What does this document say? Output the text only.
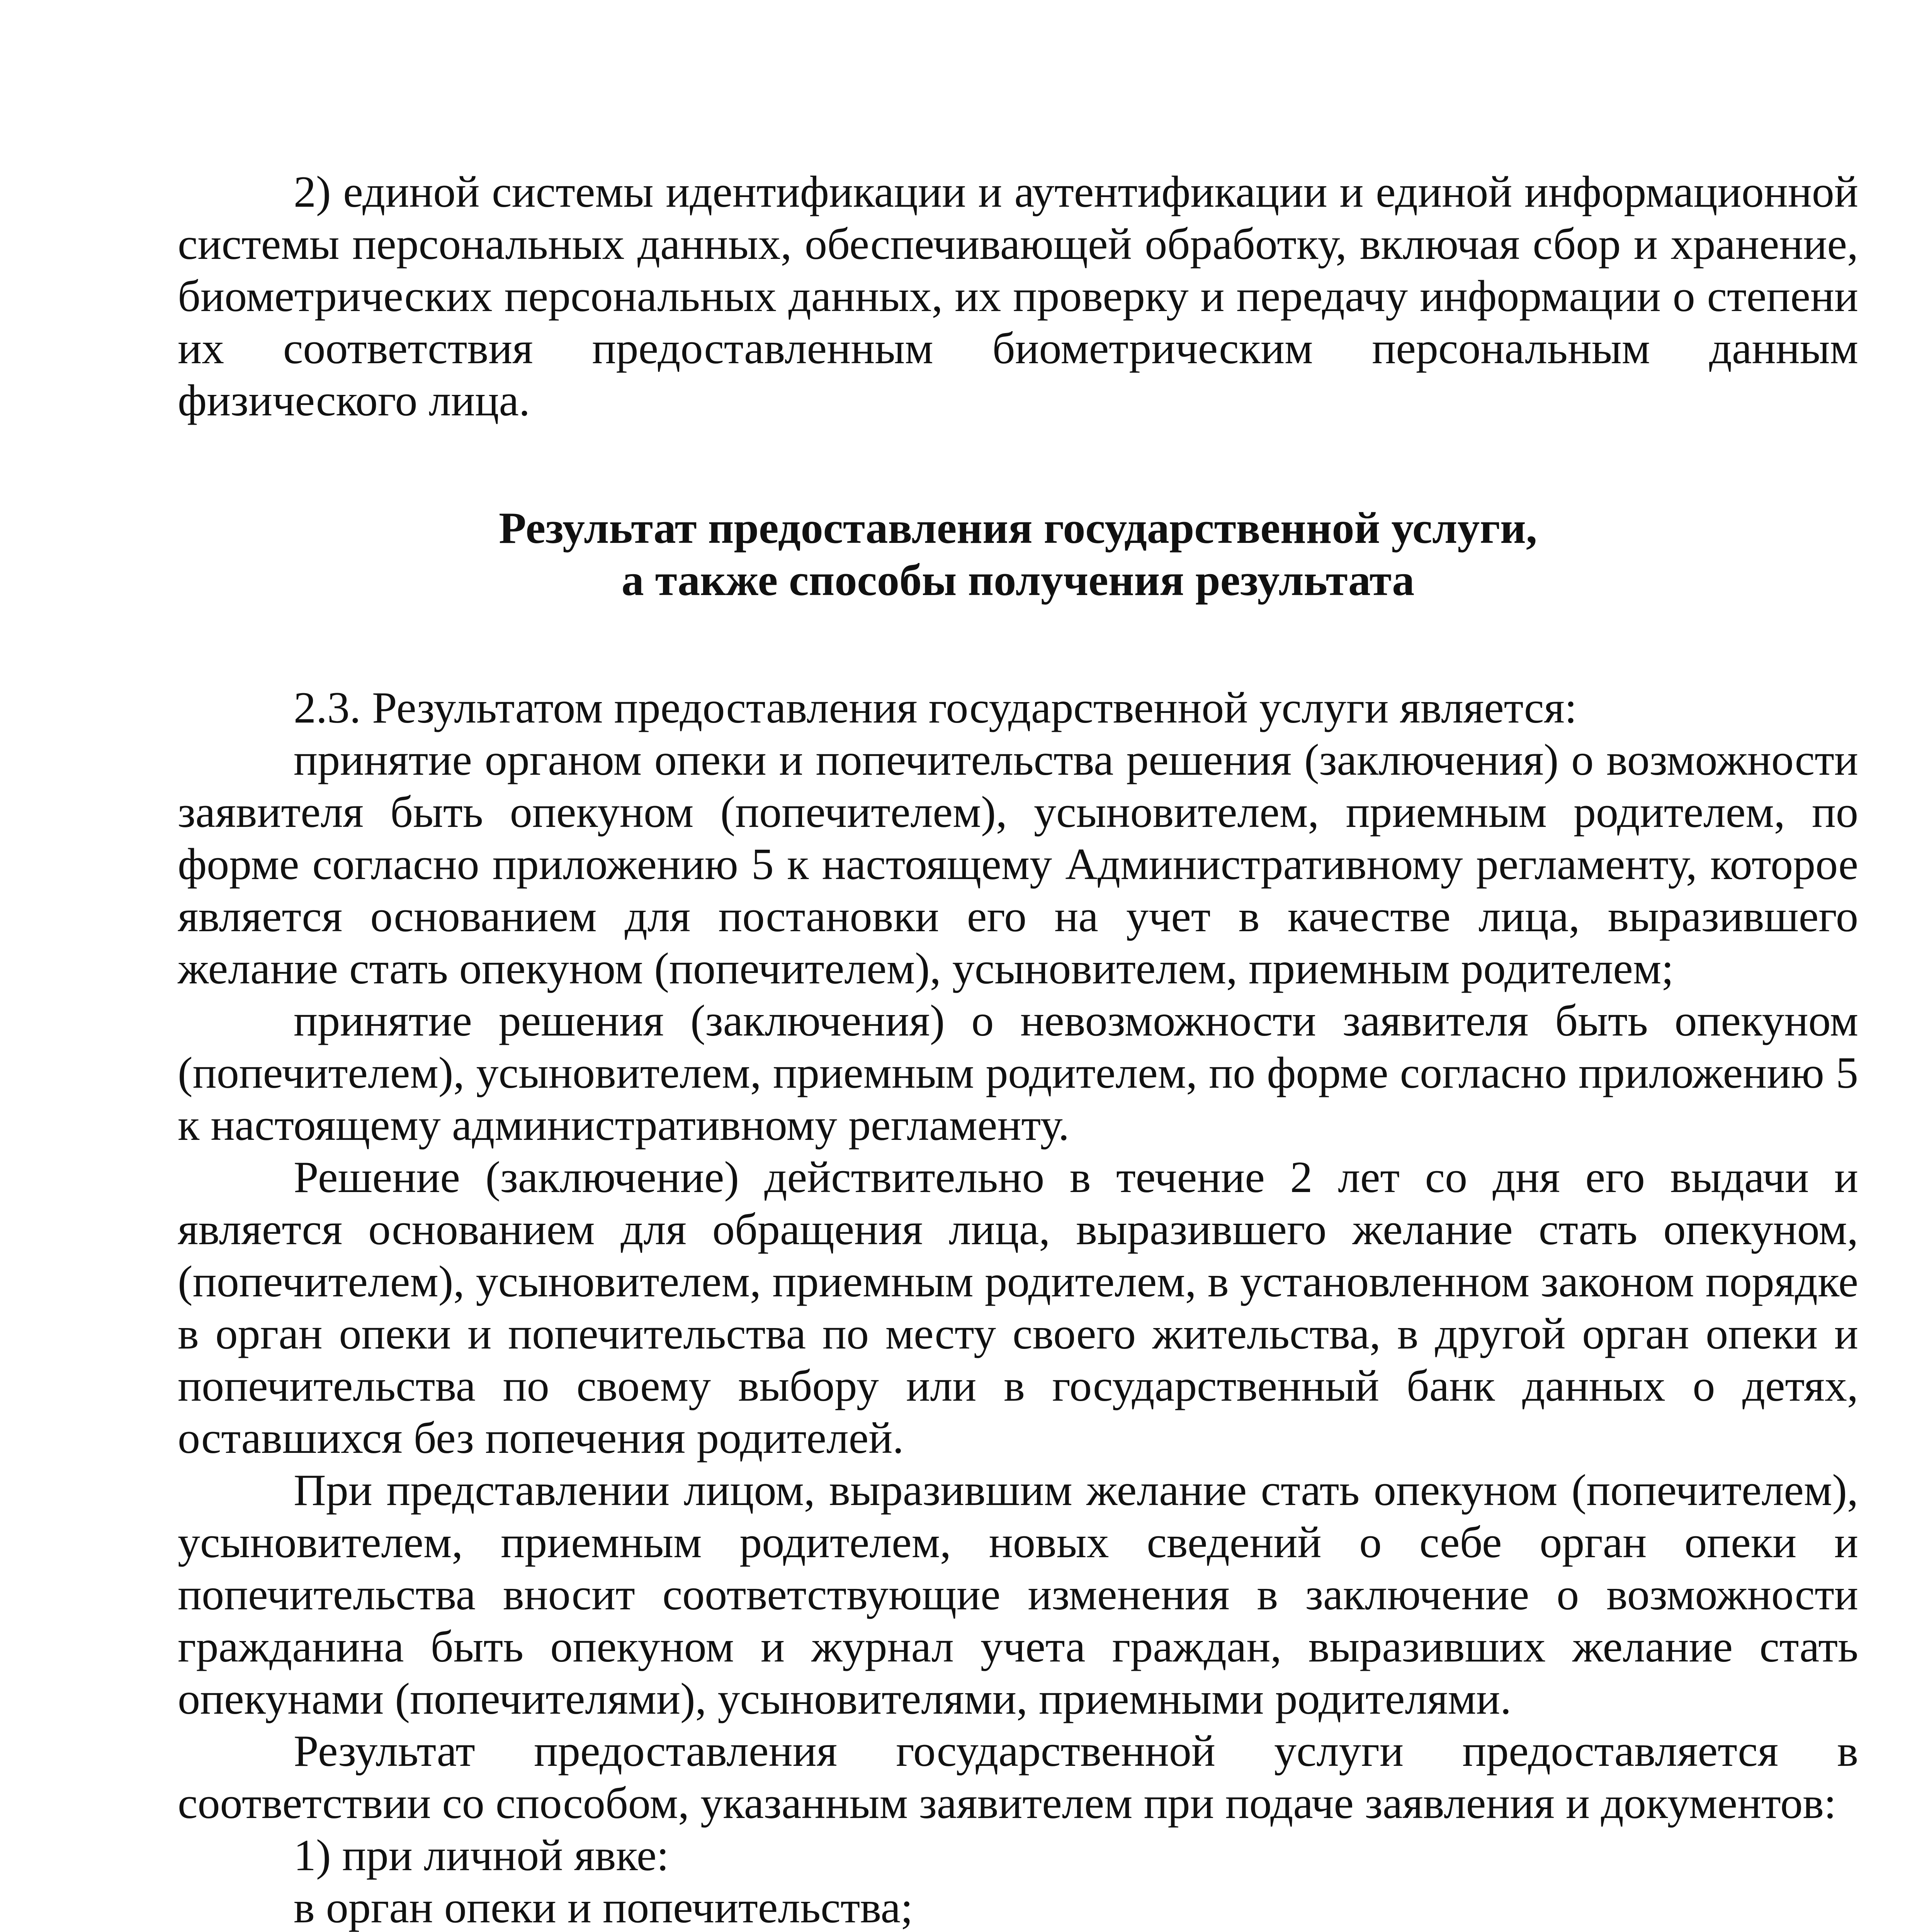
2) единой системы идентификации и аутентификации и единой информационной системы персональных данных, обеспечивающей обработку, включая сбор и хранение, биометрических персональных данных, их проверку и передачу информации о степени их соответствия предоставленным биометрическим персональным данным физического лица.

Результат предоставления государственной услуги,
а также способы получения результата

2.3. Результатом предоставления государственной услуги является:

принятие органом опеки и попечительства решения (заключения) о возможности заявителя быть опекуном (попечителем), усыновителем, приемным родителем, по форме согласно приложению 5 к настоящему Административному регламенту, которое является основанием для постановки его на учет в качестве лица, выразившего желание стать опекуном (попечителем), усыновителем, приемным родителем;

принятие решения (заключения) о невозможности заявителя быть опекуном (попечителем), усыновителем, приемным родителем, по форме согласно приложению 5 к настоящему административному регламенту.

Решение (заключение) действительно в течение 2 лет со дня его выдачи и является основанием для обращения лица, выразившего желание стать опекуном, (попечителем), усыновителем, приемным родителем, в установленном законом порядке в орган опеки и попечительства по месту своего жительства, в другой орган опеки и попечительства по своему выбору или в государственный банк данных о детях, оставшихся без попечения родителей.

При представлении лицом, выразившим желание стать опекуном (попечителем), усыновителем, приемным родителем, новых сведений о себе орган опеки и попечительства вносит соответствующие изменения в заключение о возможности гражданина быть опекуном и журнал учета граждан, выразивших желание стать опекунами (попечителями), усыновителями, приемными родителями.

Результат предоставления государственной услуги предоставляется в соответствии со способом, указанным заявителем при подаче заявления и документов:

1) при личной явке:

в орган опеки и попечительства;
